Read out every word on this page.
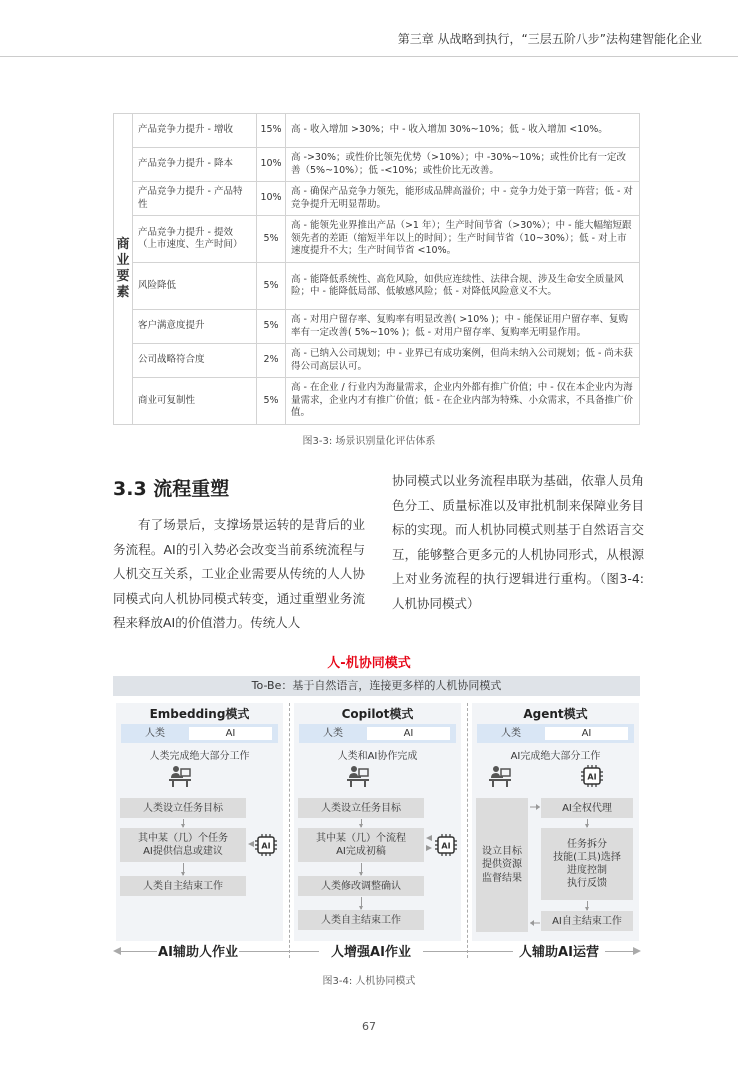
第三章 从战略到执行，“三层五阶八步”法构建智能化企业
商
业
要
素	产品竞争力提升 - 增收	15%	高 - 收入增加 >30%；中 - 收入增加 30%~10%；低 - 收入增加 <10%。
	产品竞争力提升 - 降本	10%	高 ->30%；或性价比领先优势（>10%）；中 -30%~10%；或性价比有一定改善（5%~10%）；低 -<10%；或性价比无改善。
	产品竞争力提升 - 产品特性	10%	高 - 确保产品竞争力领先，能形成品牌高溢价；中 - 竞争力处于第一阵营；低 - 对竞争提升无明显帮助。
	产品竞争力提升 - 提效（上市速度、生产时间）	5%	高 - 能领先业界推出产品（>1 年）；生产时间节省（>30%）；中 - 能大幅缩短跟领先者的差距（缩短半年以上的时间）；生产时间节省（10~30%）；低 - 对上市速度提升不大；生产时间节省 <10%。
	风险降低	5%	高 - 能降低系统性、高危风险，如供应连续性、法律合规、涉及生命安全质量风险；中 - 能降低局部、低敏感风险；低 - 对降低风险意义不大。
	客户满意度提升	5%	高 - 对用户留存率、复购率有明显改善( >10% )；中 - 能保证用户留存率、复购率有一定改善( 5%~10% )；低 - 对用户留存率、复购率无明显作用。
	公司战略符合度	2%	高 - 已纳入公司规划；中 - 业界已有成功案例，但尚未纳入公司规划；低 - 尚未获得公司高层认可。
	商业可复制性	5%	高 - 在企业 / 行业内为海量需求，企业内外都有推广价值；中 - 仅在本企业内为海量需求，企业内才有推广价值；低 - 在企业内部为特殊、小众需求，不具备推广价值。
图3-3: 场景识别量化评估体系
3.3 流程重塑

有了场景后，支撑场景运转的是背后的业务流程。AI的引入势必会改变当前系统流程与人机交互关系，工业企业需要从传统的人人协同模式向人机协同模式转变，通过重塑业务流程来释放AI的价值潜力。传统人人

协同模式以业务流程串联为基础，依靠人员角色分工、质量标准以及审批机制来保障业务目标的实现。而人机协同模式则基于自然语言交互，能够整合更多元的人机协同形式，从根源上对业务流程的执行逻辑进行重构。（图3-4: 人机协同模式）

人-机协同模式
To-Be：基于自然语言，连接更多样的人机协同模式
Embedding模式
人类	AI
人类完成绝大部分工作
人类设立任务目标
其中某（几）个任务
AI提供信息或建议
人类自主结束工作
AI
Copilot模式
人类	AI
人类和AI协作完成
人类设立任务目标
其中某（几）个流程
AI完成初稿
人类修改调整确认
人类自主结束工作
AI
Agent模式
人类	AI
AI完成绝大部分工作
AI
设立目标
提供资源
监督结果
AI全权代理
任务拆分
技能(工具)选择
进度控制
执行反馈
AI自主结束工作
AI辅助人作业	人增强AI作业	人辅助AI运营
图3-4: 人机协同模式
67
